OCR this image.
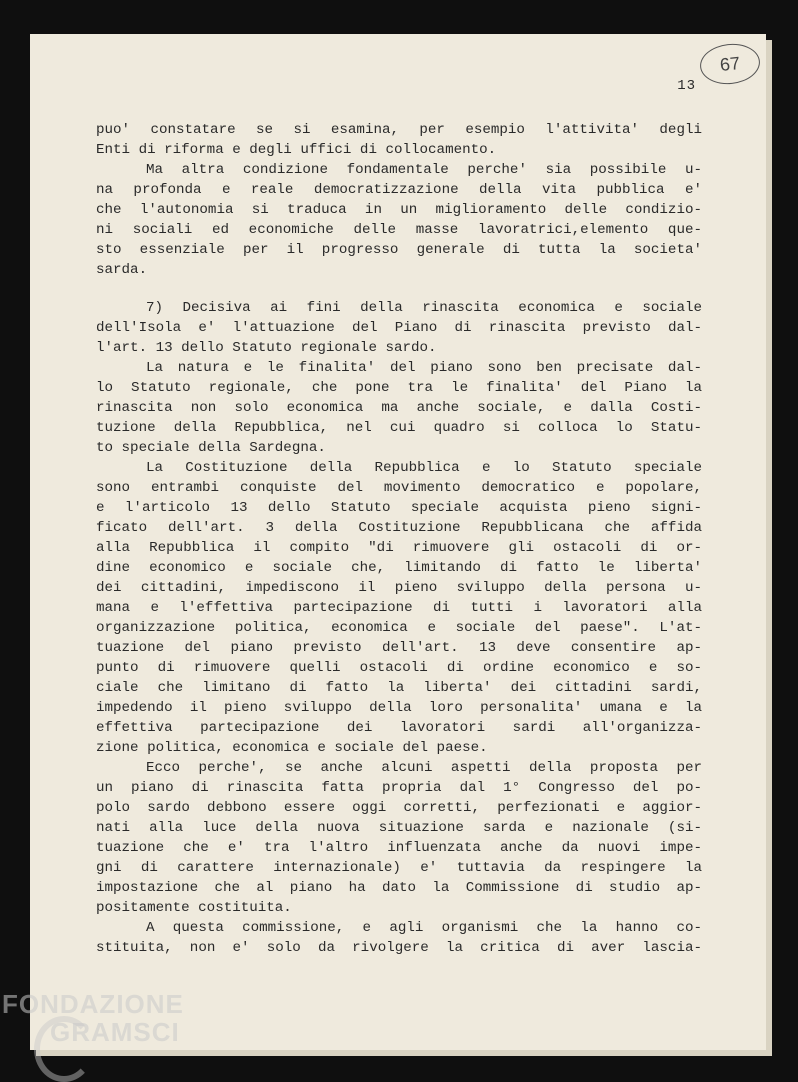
67
13
puo' constatare se si esamina, per esempio l'attivita' degli
Enti di riforma e degli uffici di collocamento.
Ma altra condizione fondamentale perche' sia possibile u-
na profonda e reale democratizzazione della vita pubblica e'
che l'autonomia si traduca in un miglioramento delle condizio-
ni sociali ed economiche delle masse lavoratrici,elemento que-
sto essenziale per il progresso generale di tutta la societa'
sarda.
7) Decisiva ai fini della rinascita economica e sociale
dell'Isola e' l'attuazione del Piano di rinascita previsto dal-
l'art. 13 dello Statuto regionale sardo.
La natura e le finalita' del piano sono ben precisate dal-
lo Statuto regionale, che pone tra le finalita' del Piano la
rinascita non solo economica ma anche sociale, e dalla Costi-
tuzione della Repubblica, nel cui quadro si colloca lo Statu-
to speciale della Sardegna.
La Costituzione della Repubblica e lo Statuto speciale
sono entrambi conquiste del movimento democratico e popolare,
e l'articolo 13 dello Statuto speciale acquista pieno signi-
ficato dell'art. 3 della Costituzione Repubblicana che affida
alla Repubblica il compito "di rimuovere gli ostacoli di or-
dine economico e sociale che, limitando di fatto le liberta'
dei cittadini, impediscono il pieno sviluppo della persona u-
mana e l'effettiva partecipazione di tutti i lavoratori alla
organizzazione politica, economica e sociale del paese". L'at-
tuazione del piano previsto dell'art. 13 deve consentire ap-
punto di rimuovere quelli ostacoli di ordine economico e so-
ciale che limitano di fatto la liberta' dei cittadini sardi,
impedendo il pieno sviluppo della loro personalita' umana e la
effettiva partecipazione dei lavoratori sardi all'organizza-
zione politica, economica e sociale del paese.
Ecco perche', se anche alcuni aspetti della proposta per
un piano di rinascita fatta propria dal 1° Congresso del po-
polo sardo debbono essere oggi corretti, perfezionati e aggior-
nati alla luce della nuova situazione sarda e nazionale (si-
tuazione che e' tra l'altro influenzata anche da nuovi impe-
gni di carattere internazionale) e' tuttavia da respingere la
impostazione che al piano ha dato la Commissione di studio ap-
positamente costituita.
A questa commissione, e agli organismi che la hanno co-
stituita, non e' solo da rivolgere la critica di aver lascia-
FONDAZIONE
GRAMSCI
